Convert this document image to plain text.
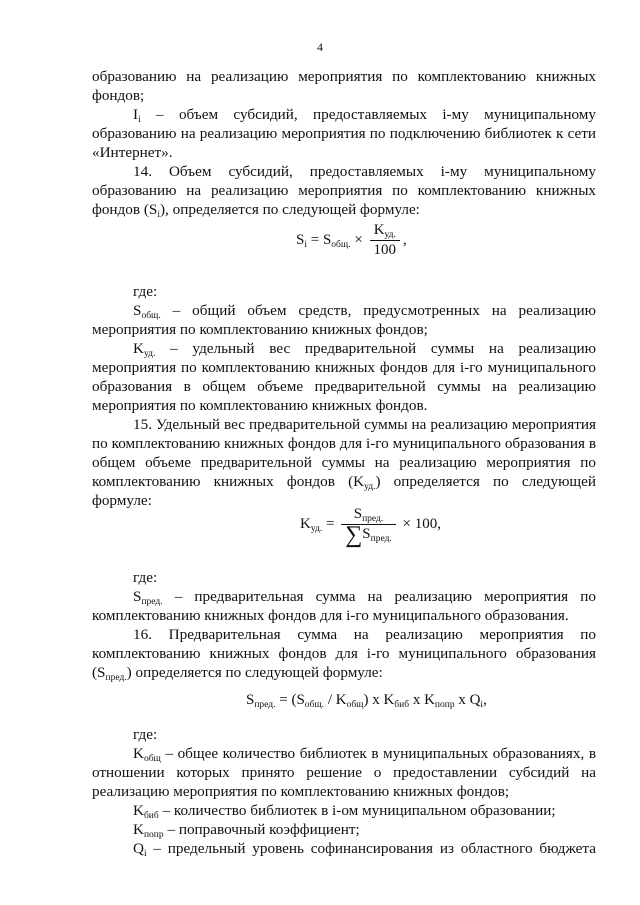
4
образованию на реализацию мероприятия по комплектованию книжных
фондов;
$I_i$ – объем субсидий, предоставляемых i-му муниципальному
образованию на реализацию мероприятия по подключению библиотек к сети
«Интернет».
14. Объем субсидий, предоставляемых i-му муниципальному
образованию на реализацию мероприятия по комплектованию книжных
фондов $(S_i)$, определяется по следующей формуле:
$S_i = S_{общ.} \times \frac{K_{уд.}}{100}$ ,
где:
$S_{общ.}$ – общий объем средств, предусмотренных на реализацию
мероприятия по комплектованию книжных фондов;
$K_{уд.}$ – удельный вес предварительной суммы на реализацию
мероприятия по комплектованию книжных фондов для i-го муниципального
образования в общем объеме предварительной суммы на реализацию
мероприятия по комплектованию книжных фондов.
15. Удельный вес предварительной суммы на реализацию мероприятия
по комплектованию книжных фондов для i-го муниципального образования в
общем объеме предварительной суммы на реализацию мероприятия по
комплектованию книжных фондов $(K_{уд.})$ определяется по следующей
формуле:
$K_{уд.} = \frac{S_{пред.}}{\sum S_{пред.}} \times 100$,
где:
$S_{пред.}$ – предварительная сумма на реализацию мероприятия по
комплектованию книжных фондов для i-го муниципального образования.
16. Предварительная сумма на реализацию мероприятия по
комплектованию книжных фондов для i-го муниципального образования
$(S_{пред.})$ определяется по следующей формуле:
$S_{пред.} = (S_{общ.} / K_{общ})$ x $K_{биб}$ x $K_{попр}$ x $Q_i$,
где:
$K_{общ}$ – общее количество библиотек в муниципальных образованиях, в
отношении которых принято решение о предоставлении субсидий на
реализацию мероприятия по комплектованию книжных фондов;
$K_{биб}$ – количество библиотек в i-ом муниципальном образовании;
$K_{попр}$ – поправочный коэффициент;
$Q_i$ – предельный уровень софинансирования из областного бюджета
